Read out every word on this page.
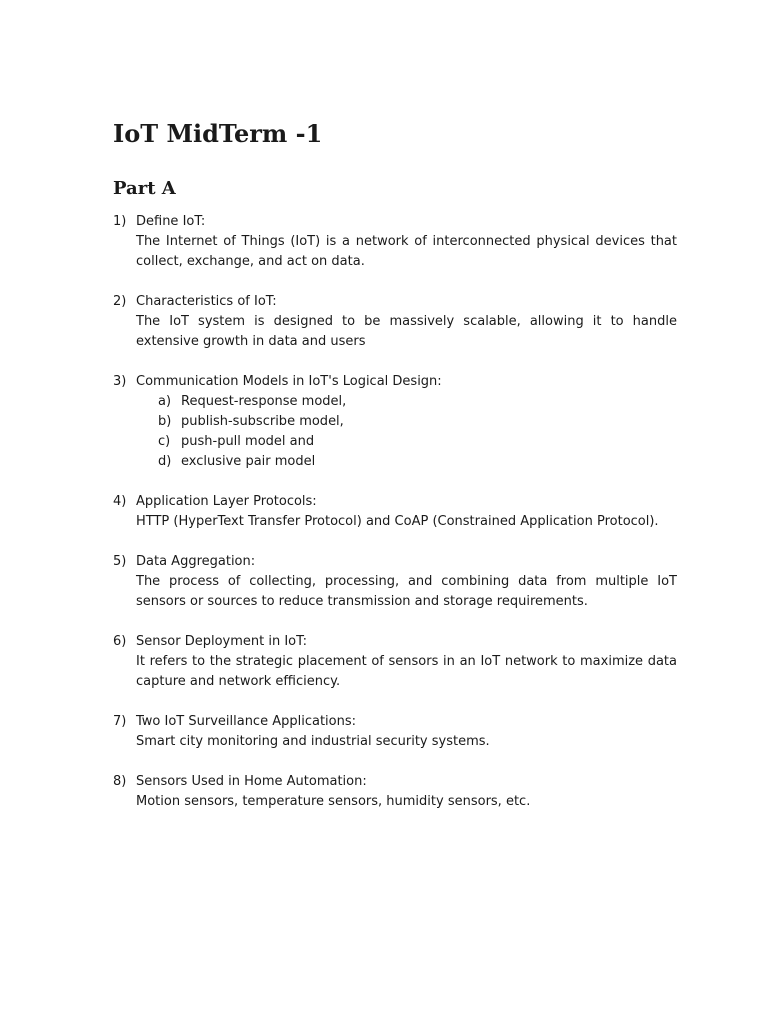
IoT MidTerm -1
Part A
1) Define IoT:
The Internet of Things (IoT) is a network of interconnected physical devices that collect, exchange, and act on data.
2) Characteristics of IoT:
The IoT system is designed to be massively scalable, allowing it to handle extensive growth in data and users
3) Communication Models in IoT's Logical Design:
a) Request-response model,
b) publish-subscribe model,
c) push-pull model and
d) exclusive pair model
4) Application Layer Protocols:
HTTP (HyperText Transfer Protocol) and CoAP (Constrained Application Protocol).
5) Data Aggregation:
The process of collecting, processing, and combining data from multiple IoT sensors or sources to reduce transmission and storage requirements.
6) Sensor Deployment in IoT:
It refers to the strategic placement of sensors in an IoT network to maximize data capture and network efficiency.
7) Two IoT Surveillance Applications:
Smart city monitoring and industrial security systems.
8) Sensors Used in Home Automation:
Motion sensors, temperature sensors, humidity sensors, etc.
